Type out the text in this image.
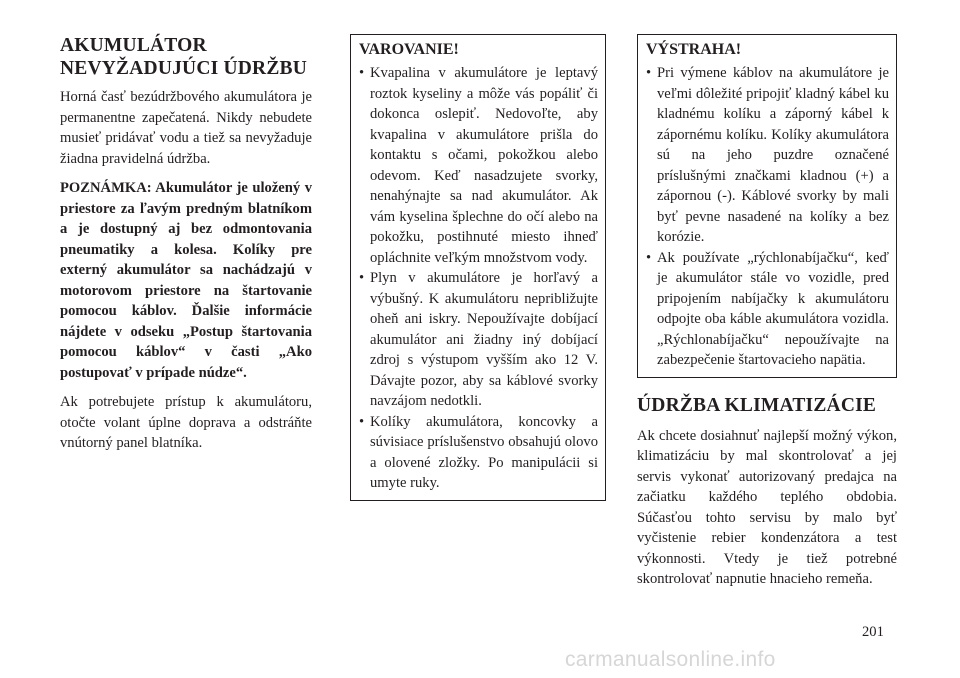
AKUMULÁTOR NEVYŽADUJÚCI ÚDRŽBU

Horná časť bezúdržbového akumulátora je permanentne zapečatená. Nikdy nebudete musieť pridávať vodu a tiež sa nevyžaduje žiadna pravidelná údržba.

POZNÁMKA: Akumulátor je uložený v priestore za ľavým predným blatníkom a je dostupný aj bez odmontovania pneumatiky a kolesa. Kolíky pre externý akumulátor sa nachádzajú v motorovom priestore na štartovanie pomocou káblov. Ďalšie informácie nájdete v odseku „Postup štartovania pomocou káblov“ v časti „Ako postupovať v prípade núdze“.

Ak potrebujete prístup k akumulátoru, otočte volant úplne doprava a odstráňte vnútorný panel blatníka.

VAROVANIE!
• Kvapalina v akumulátore je leptavý roztok kyseliny a môže vás popáliť či dokonca oslepiť. Nedovoľte, aby kvapalina v akumulátore prišla do kontaktu s očami, pokožkou alebo odevom. Keď nasadzujete svorky, nenahýnajte sa nad akumulátor. Ak vám kyselina šplechne do očí alebo na pokožku, postihnuté miesto ihneď opláchnite veľkým množstvom vody.
• Plyn v akumulátore je horľavý a výbušný. K akumulátoru nepribližujte oheň ani iskry. Nepoužívajte dobíjací akumulátor ani žiadny iný dobíjací zdroj s výstupom vyšším ako 12 V. Dávajte pozor, aby sa káblové svorky navzájom nedotkli.
• Kolíky akumulátora, koncovky a súvisiace príslušenstvo obsahujú olovo a olovené zložky. Po manipulácii si umyte ruky.
VÝSTRAHA!
• Pri výmene káblov na akumulátore je veľmi dôležité pripojiť kladný kábel ku kladnému kolíku a záporný kábel k zápornému kolíku. Kolíky akumulátora sú na jeho puzdre označené príslušnými značkami kladnou (+) a zápornou (-). Káblové svorky by mali byť pevne nasadené na kolíky a bez korózie.
• Ak používate „rýchlonabíjačku“, keď je akumulátor stále vo vozidle, pred pripojením nabíjačky k akumulátoru odpojte oba káble akumulátora vozidla. „Rýchlonabíjačku“ nepoužívajte na zabezpečenie štartovacieho napätia.
ÚDRŽBA KLIMATIZÁCIE

Ak chcete dosiahnuť najlepší možný výkon, klimatizáciu by mal skontrolovať a jej servis vykonať autorizovaný predajca na začiatku každého teplého obdobia. Súčasťou tohto servisu by malo byť vyčistenie rebier kondenzátora a test výkonnosti. Vtedy je tiež potrebné skontrolovať napnutie hnacieho remeňa.

201
carmanualsonline.info
